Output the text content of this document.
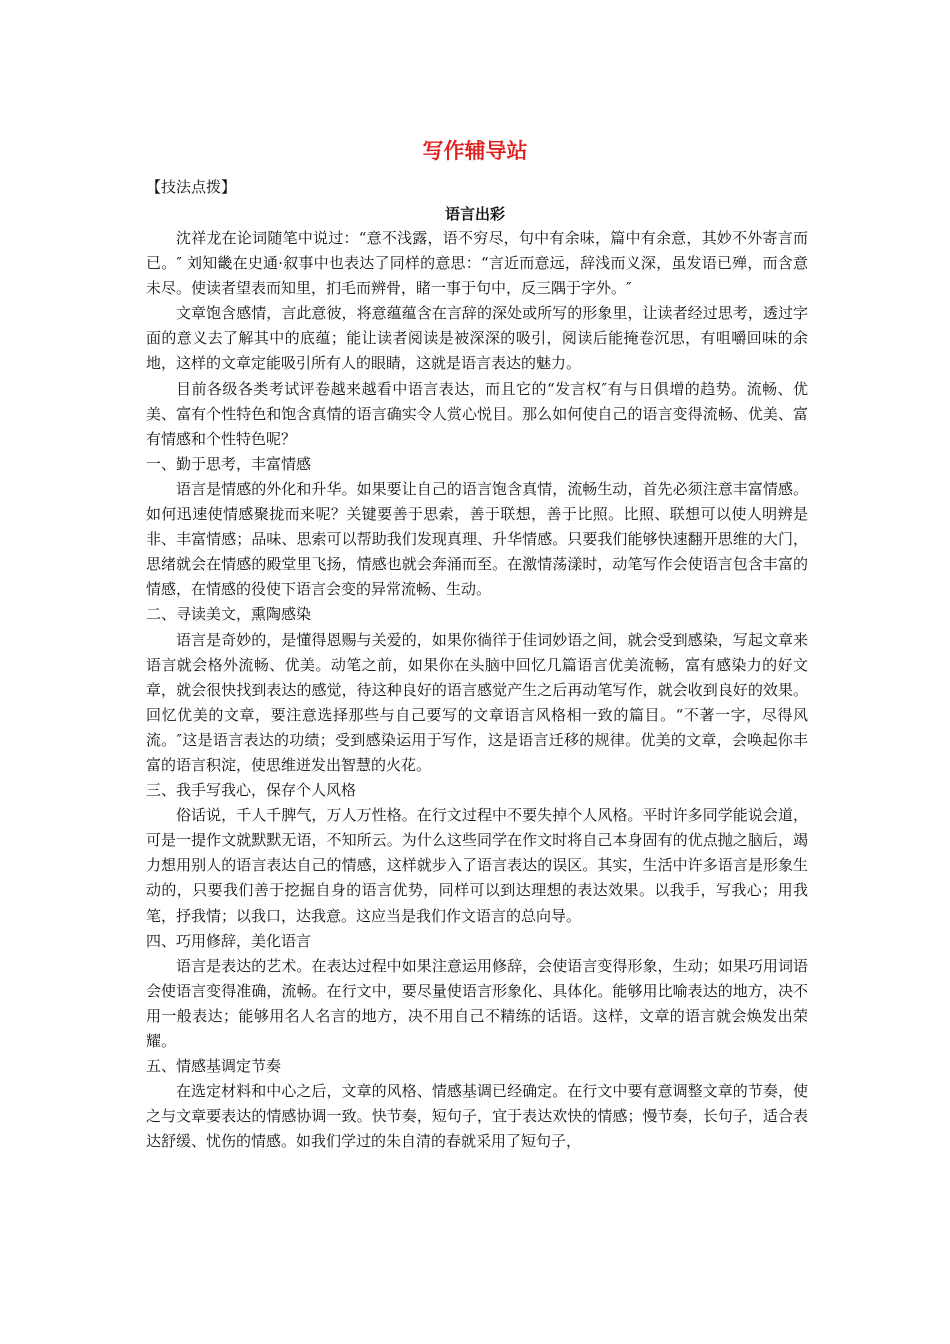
写作辅导站
【技法点拨】
语言出彩

沈祥龙在论词随笔中说过：“意不浅露，语不穷尽，句中有余味，篇中有余意，其妙不外寄言而已。″ 刘知畿在史通·叙事中也表达了同样的意思：“言近而意远，辞浅而义深，虽发语已殚，而含意未尽。使读者望表而知里，扪毛而辨骨，睹一事于句中，反三隅于字外。″

文章饱含感情，言此意彼，将意蕴蕴含在言辞的深处或所写的形象里，让读者经过思考，透过字面的意义去了解其中的底蕴；能让读者阅读是被深深的吸引，阅读后能掩卷沉思，有咀嚼回味的余地，这样的文章定能吸引所有人的眼睛，这就是语言表达的魅力。

目前各级各类考试评卷越来越看中语言表达，而且它的“发言权″有与日俱增的趋势。流畅、优美、富有个性特色和饱含真情的语言确实令人赏心悦目。那么如何使自己的语言变得流畅、优美、富有情感和个性特色呢？

一、勤于思考，丰富情感

语言是情感的外化和升华。如果要让自己的语言饱含真情，流畅生动，首先必须注意丰富情感。如何迅速使情感聚拢而来呢？关键要善于思索，善于联想，善于比照。比照、联想可以使人明辨是非、丰富情感；品味、思索可以帮助我们发现真理、升华情感。只要我们能够快速翻开思维的大门，思绪就会在情感的殿堂里飞扬，情感也就会奔涌而至。在激情荡漾时，动笔写作会使语言包含丰富的情感，在情感的役使下语言会变的异常流畅、生动。

二、寻读美文，熏陶感染

语言是奇妙的，是懂得恩赐与关爱的，如果你徜徉于佳词妙语之间，就会受到感染，写起文章来语言就会格外流畅、优美。动笔之前，如果你在头脑中回忆几篇语言优美流畅，富有感染力的好文章，就会很快找到表达的感觉，待这种良好的语言感觉产生之后再动笔写作，就会收到良好的效果。回忆优美的文章，要注意选择那些与自己要写的文章语言风格相一致的篇目。“不著一字，尽得风流。″这是语言表达的功绩；受到感染运用于写作，这是语言迁移的规律。优美的文章，会唤起你丰富的语言积淀，使思维迸发出智慧的火花。

三、我手写我心，保存个人风格

俗话说，千人千脾气，万人万性格。在行文过程中不要失掉个人风格。平时许多同学能说会道，可是一提作文就默默无语，不知所云。为什么这些同学在作文时将自己本身固有的优点抛之脑后，竭力想用别人的语言表达自己的情感，这样就步入了语言表达的误区。其实，生活中许多语言是形象生动的，只要我们善于挖掘自身的语言优势，同样可以到达理想的表达效果。以我手，写我心；用我笔，抒我情；以我口，达我意。这应当是我们作文语言的总向导。

四、巧用修辞，美化语言

语言是表达的艺术。在表达过程中如果注意运用修辞，会使语言变得形象，生动；如果巧用词语会使语言变得准确，流畅。在行文中，要尽量使语言形象化、具体化。能够用比喻表达的地方，决不用一般表达；能够用名人名言的地方，决不用自己不精练的话语。这样，文章的语言就会焕发出荣耀。

五、情感基调定节奏

在选定材料和中心之后，文章的风格、情感基调已经确定。在行文中要有意调整文章的节奏，使之与文章要表达的情感协调一致。快节奏，短句子，宜于表达欢快的情感；慢节奏，长句子，适合表达舒缓、忧伤的情感。如我们学过的朱自清的春就采用了短句子，
